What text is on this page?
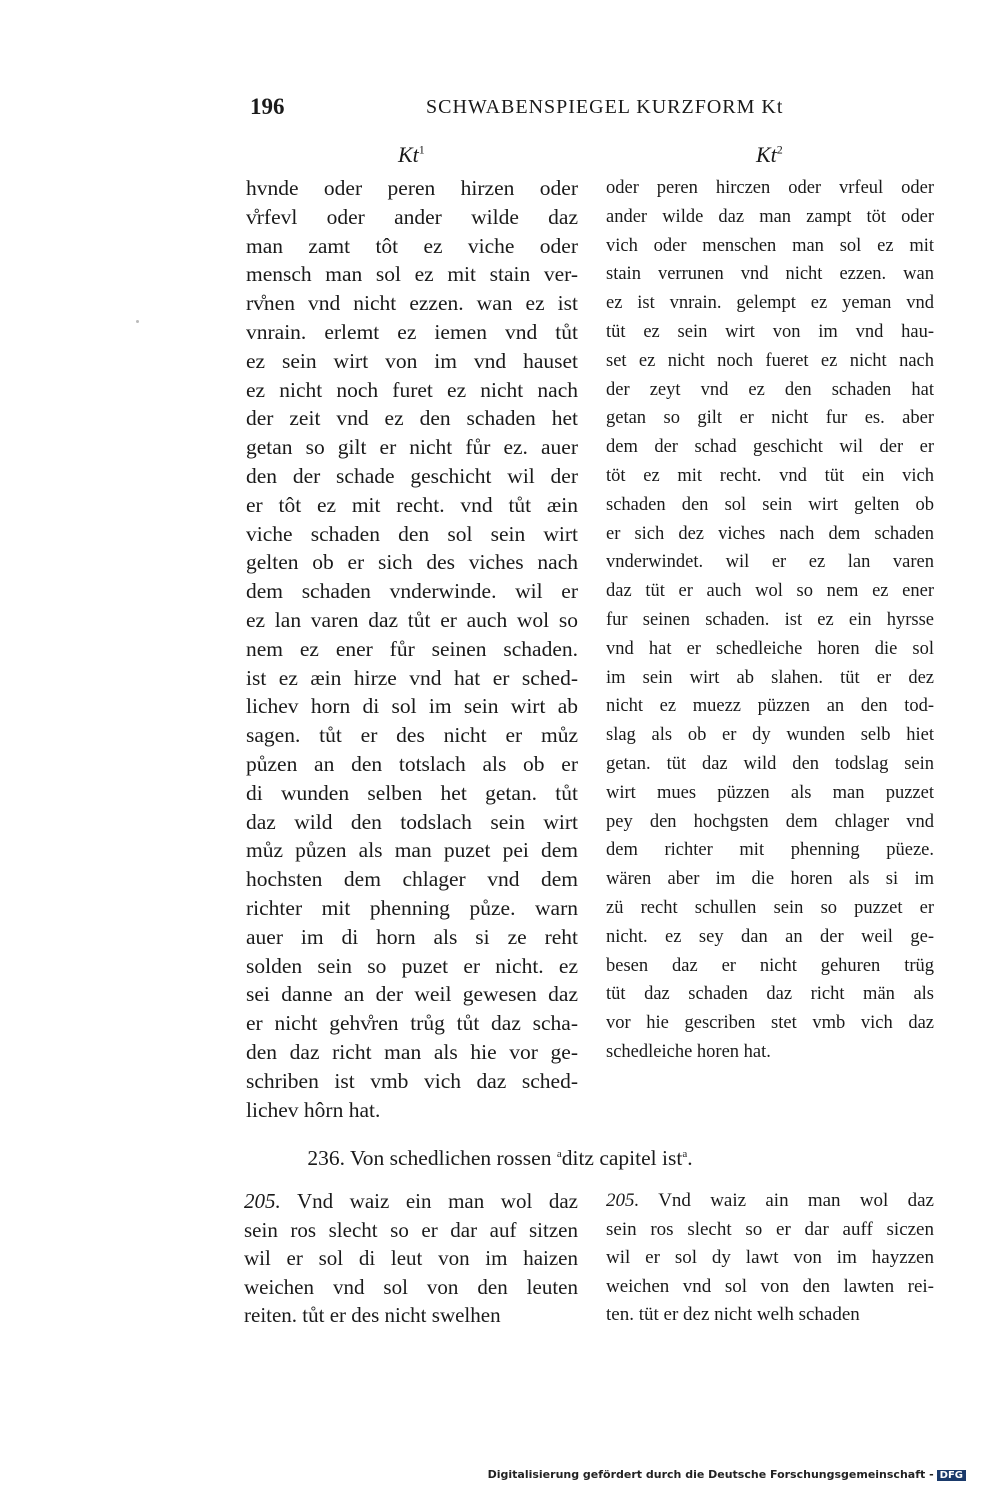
196	SCHWABENSPIEGEL KURZFORM Kt
Kt$^1$	Kt$^2$
hvnde oder peren hirzen oder
v̊rfevl oder ander wilde daz
man zamt tôt ez viche oder
mensch man sol ez mit stain ver-
rv̊nen vnd nicht ezzen. wan ez ist
vnrain. erlemt ez iemen vnd tůt
ez sein wirt von im vnd hauset
ez nicht noch furet ez nicht nach
der zeit vnd ez den schaden het
getan so gilt er nicht fůr ez. auer
den der schade geschicht wil der
er tôt ez mit recht. vnd tůt æin
viche schaden den sol sein wirt
gelten ob er sich des viches nach
dem schaden vnderwinde. wil er
ez lan varen daz tůt er auch wol so
nem ez ener fůr seinen schaden.
ist ez æin hirze vnd hat er sched-
lichev horn di sol im sein wirt ab
sagen. tůt er des nicht er můz
půzen an den totslach als ob er
di wunden selben het getan. tůt
daz wild den todslach sein wirt
můz půzen als man puzet pei dem
hochsten dem chlager vnd dem
richter mit phenning půze. warn
auer im di horn als si ze reht
solden sein so puzet er nicht. ez
sei danne an der weil gewesen daz
er nicht gehv̊ren trůg tůt daz scha-
den daz richt man als hie vor ge-
schriben ist vmb vich daz sched-
lichev hôrn hat.
oder peren hirczen oder vrfeul oder
ander wilde daz man zampt töt oder
vich oder menschen man sol ez mit
stain verrunen vnd nicht ezzen. wan
ez ist vnrain. gelempt ez yeman vnd
tüt ez sein wirt von im vnd hau-
set ez nicht noch fueret ez nicht nach
der zeyt vnd ez den schaden hat
getan so gilt er nicht fur es. aber
dem der schad geschicht wil der er
töt ez mit recht. vnd tüt ein vich
schaden den sol sein wirt gelten ob
er sich dez viches nach dem schaden
vnderwindet. wil er ez lan varen
daz tüt er auch wol so nem ez ener
fur seinen schaden. ist ez ein hyrsse
vnd hat er schedleiche horen die sol
im sein wirt ab slahen. tüt er dez
nicht ez muezz püzzen an den tod-
slag als ob er dy wunden selb hiet
getan. tüt daz wild den todslag sein
wirt mues püzzen als man puzzet
pey den hochgsten dem chlager vnd
dem richter mit phenning püeze.
wären aber im die horen als si im
zü recht schullen sein so puzzet er
nicht. ez sey dan an der weil ge-
besen daz er nicht gehuren trüg
tüt daz schaden daz richt män als
vor hie gescriben stet vmb vich daz
schedleiche horen hat.
236. Von schedlichen rossen $^a$ditz capitel ist$^a$.
205. Vnd waiz ein man wol daz
sein ros slecht so er dar auf sitzen
wil er sol di leut von im haizen
weichen vnd sol von den leuten
reiten. tůt er des nicht swelhen
205. Vnd waiz ain man wol daz
sein ros slecht so er dar auff siczen
wil er sol dy lawt von im hayzzen
weichen vnd sol von den lawten rei-
ten. tüt er dez nicht welh schaden
Digitalisierung gefördert durch die Deutsche Forschungsgemeinschaft - DFG
